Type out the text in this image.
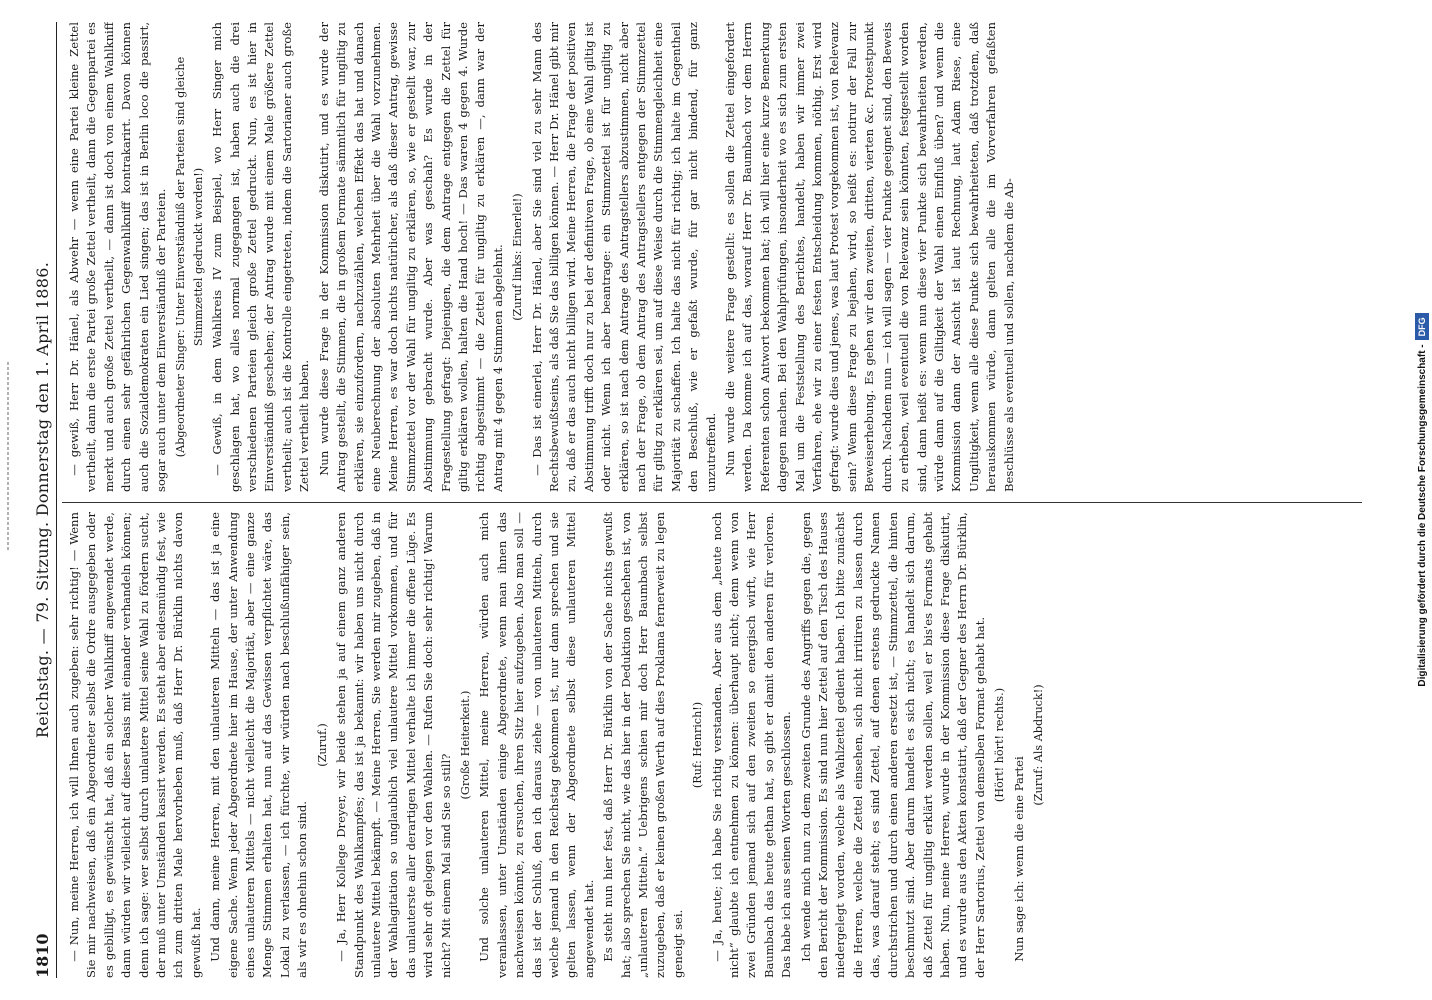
1810
Reichstag. — 79. Sitzung. Donnerstag den 1. April 1886.	— Nun, meine Herren, ich will Ihnen auch zugeben: sehr richtig! — Wenn Sie mir nachweisen, daß ein Abgeordneter selbst die Ordre ausgegeben oder es gebilligt, es gewünscht hat, daß ein solcher Wahlkniff angewendet werde, dann würden wir vielleicht auf dieser Basis mit einander verhandeln können; denn ich sage: wer selbst durch unlautere Mittel seine Wahl zu fördern sucht, der muß unter Umständen kassirt werden. Es steht aber eidesmündig fest, wie ich zum dritten Male hervorheben muß, daß Herr Dr. Bürklin nichts davon gewußt hat. Und dann, meine Herren, mit den unlauteren Mitteln — das ist ja eine eigene Sache. Wenn jeder Abgeordnete hier im Hause, der unter Anwendung eines unlauteren Mittels — nicht vielleicht die Majorität, aber — eine ganze Menge Stimmen erhalten hat, nun auf das Gewissen verpflichtet wäre, das Lokal zu verlassen, — ich fürchte, wir würden nach beschlußunfähiger sein, als wir es ohnehin schon sind.

(Zuruf.) — Ja, Herr Kollege Dreyer, wir beide stehen ja auf einem ganz anderen Standpunkt des Wahlkampfes; das ist ja bekannt: wir haben uns nicht durch unlautere Mittel bekämpft. — Meine Herren, Sie werden mir zugeben, daß in der Wahlagitation so unglaublich viel unlautere Mittel vorkommen, und für das unlauterste aller derartigen Mittel verhalte ich immer die offene Lüge. Es wird sehr oft gelogen vor den Wahlen. — Rufen Sie doch: sehr richtig! Warum nicht? Mit einem Mal sind Sie so still?

(Große Heiterkeit.) Und solche unlauteren Mittel, meine Herren, würden auch mich veranlassen, unter Umständen einige Abgeordnete, wenn man ihnen das nachweisen könnte, zu ersuchen, ihren Sitz hier aufzugeben. Also man soll — das ist der Schluß, den ich daraus ziehe — von unlauteren Mitteln, durch welche jemand in den Reichstag gekommen ist, nur dann sprechen und sie gelten lassen, wenn der Abgeordnete selbst diese unlauteren Mittel angewendet hat. Es steht nun hier fest, daß Herr Dr. Bürklin von der Sache nichts gewußt hat; also sprechen Sie nicht, wie das hier in der Deduktion geschehen ist, von „unlauteren Mitteln.“ Uebrigens schien mir doch Herr Baumbach selbst zuzugeben, daß er keinen großen Werth auf dies Proklama fernerweit zu legen geneigt sei.

(Ruf: Henrich!) — Ja, heute; ich habe Sie richtig verstanden. Aber aus dem „heute noch nicht“ glaubte ich entnehmen zu können: überhaupt nicht; denn wenn von zwei Gründen jemand sich auf den zweiten so energisch wirft, wie Herr Baumbach das heute gethan hat, so gibt er damit den anderen für verloren. Das habe ich aus seinen Worten geschlossen. Ich wende mich nun zu dem zweiten Grunde des Angriffs gegen die, gegen den Bericht der Kommission. Es sind nun hier Zettel auf den Tisch des Hauses niedergelegt worden, welche als Wahlzettel gedient haben. Ich bitte zunächst die Herren, welche die Zettel einsehen, sich nicht irritiren zu lassen durch das, was darauf steht; es sind Zettel, auf denen erstens gedruckte Namen durchstrichen und durch einen anderen ersetzt ist, — Stimmzettel, die hinten beschmutzt sind. Aber darum handelt es sich nicht; es handelt sich darum, daß Zettel für ungiltig erklärt werden sollen, weil er bis'es Formats gehabt haben. Nun, meine Herren, wurde in der Kommission diese Frage diskutirt, und es wurde aus den Akten konstatirt, daß der Gegner des Herrn Dr. Bürklin, der Herr Sartorius, Zettel von demselben Format gehabt hat. (Hört! hört! rechts.)

Nun sage ich: wenn die eine Partei

(Zuruf: Als Abdruck!)

— gewiß, Herr Dr. Hänel, als Abwehr — wenn eine Partei kleine Zettel vertheilt, dann die erste Partei große Zettel vertheilt, dann die Gegenpartei es merkt und auch große Zettel vertheilt, — dann ist doch von einem Wahlkniff durch einen sehr gefährlichen Gegenwahlkniff kontrakarirt. Davon können auch die Sozialdemokraten ein Lied singen; das ist in Berlin loco die passirt, sogar auch unter dem Einverständniß der Parteien. (Abgeordneter Singer: Unter Einverständniß der Parteien sind gleiche Stimmzettel gedruckt worden!) — Gewiß, in dem Wahlkreis IV zum Beispiel, wo Herr Singer mich geschlagen hat, wo alles normal zugegangen ist, haben auch die drei verschiedenen Parteien gleich große Zettel gedruckt. Nun, es ist hier in Einverständniß geschehen; der Antrag wurde mit einem Male größere Zettel vertheilt; auch ist die Kontrolle eingetreten, indem die Sartorianer auch große Zettel vertheilt haben. Nun wurde diese Frage in der Kommission diskutirt, und es wurde der Antrag gestellt, die Stimmen, die in großem Formate sämmtlich für ungiltig zu erklären, sie einzufordern, nachzuzählen, welchen Effekt das hat und danach eine Neuberechnung der absoluten Mehrheit über die Wahl vorzunehmen. Meine Herren, es war doch nichts natürlicher, als daß dieser Antrag, gewisse Stimmzettel vor der Wahl für ungiltig zu erklären, so, wie er gestellt war, zur Abstimmung gebracht wurde. Aber was geschah? Es wurde in der Fragestellung gefragt: Diejenigen, die dem Antrage entgegen die Zettel für giltig erklären wollen, halten die Hand hoch! — Das waren 4 gegen 4. Wurde richtig abgestimmt — die Zettel für ungiltig zu erklären —, dann war der Antrag mit 4 gegen 4 Stimmen abgelehnt. (Zuruf links: Einerlei!) — Das ist einerlei, Herr Dr. Hänel, aber Sie sind viel zu sehr Mann des Rechtsbewußtseins, als daß Sie das billigen können. — Herr Dr. Hänel gibt mir zu, daß er das auch nicht billigen wird. Meine Herren, die Frage der positiven Abstimmung trifft doch nur zu bei der definitiven Frage, ob eine Wahl giltig ist oder nicht. Wenn ich aber beantrage: ein Stimmzettel ist für ungiltig zu erklären, so ist nach dem Antrage des Antragstellers abzustimmen, nicht aber nach der Frage, ob dem Antrag des Antragstellers entgegen der Stimmzettel für giltig zu erklären sei, um auf diese Weise durch die Stimmengleichheit eine Majorität zu schaffen. Ich halte das nicht für richtig; ich halte im Gegentheil den Beschluß, wie er gefaßt wurde, für gar nicht bindend, für ganz unzutreffend. Nun wurde die weitere Frage gestellt: es sollen die Zettel eingefordert werden. Da komme ich auf das, worauf Herr Dr. Baumbach vor dem Herrn Referenten schon Antwort bekommen hat; ich will hier eine kurze Bemerkung dagegen machen. Bei den Wahlprüfungen, insonderheit wo es sich zum ersten Mal um die Feststellung des Berichtes, handelt, haben wir immer zwei Verfahren, ehe wir zu einer festen Entscheidung kommen, nöthig. Erst wird gefragt: wurde dies und jenes, was laut Protest vorgekommen ist, von Relevanz sein? Wenn diese Frage zu bejahen, wird, so heißt es: notirur der Fall zur Beweiserhebung. Es gehen wir den zweiten, dritten, vierten &c. Protestpunkt durch. Nachdem nun — ich will sagen — vier Punkte geeignet sind, den Beweis zu erheben, weil eventuell die von Relevanz sein könnten, festgestellt worden sind, dann heißt es: wenn nun diese vier Punkte sich bewahrheiten werden, würde dann auf die Giltigkeit der Wahl einen Einfluß üben? und wenn die Kommission dann der Ansicht ist laut Rechnung, laut Adam Riese, eine Ungiltigkeit, wenn alle diese Punkte sich bewahrheiteten, daß trotzdem, daß herauskommen würde, dann gelten alle die im Vorverfahren gefaßten Beschlüsse als eventuell und sollen, nachdem die Ab-

Digitalisierung gefördert durch die Deutsche Forschungsgemeinschaft -DFG
